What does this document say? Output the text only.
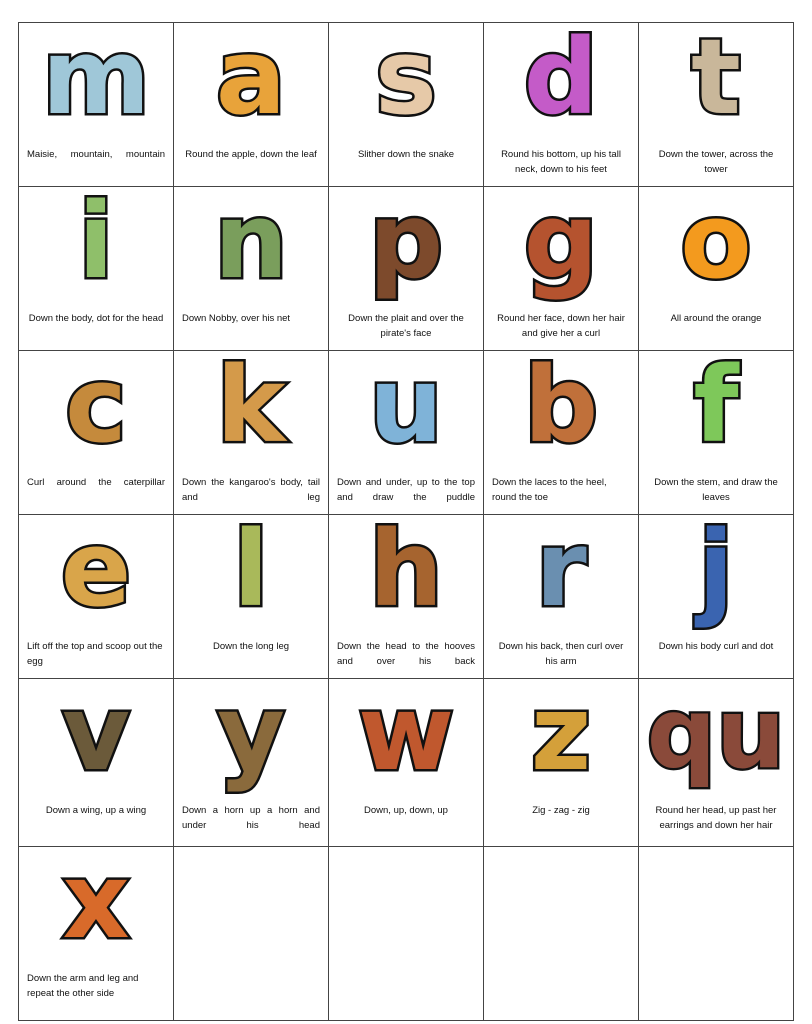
m
Maisie, mountain, mountain
a
Round the apple, down the leaf
s
Slither down the snake
d
Round his bottom, up his tall neck, down to his feet
t
Down the tower, across the tower
i
Down the body, dot for the head
n
Down Nobby, over his net
p
Down the plait and over the pirate's face
g
Round her face, down her hair and give her a curl
o
All around the orange
c
Curl around the caterpillar
k
Down the kangaroo's body, tail and leg
u
Down and under, up to the top and draw the puddle
b
Down the laces to the heel, round the toe
f
Down the stem, and draw the leaves
e
Lift off the top and scoop out the egg
l
Down the long leg
h
Down the head to the hooves and over his back
r
Down his back, then curl over his arm
j
Down his body curl and dot
v
Down a wing, up a wing
y
Down a horn up a horn and under his head
w
Down, up, down, up
z
Zig - zag - zig
qu
Round her head, up past her earrings and down her hair
x
Down the arm and leg and repeat the other side
